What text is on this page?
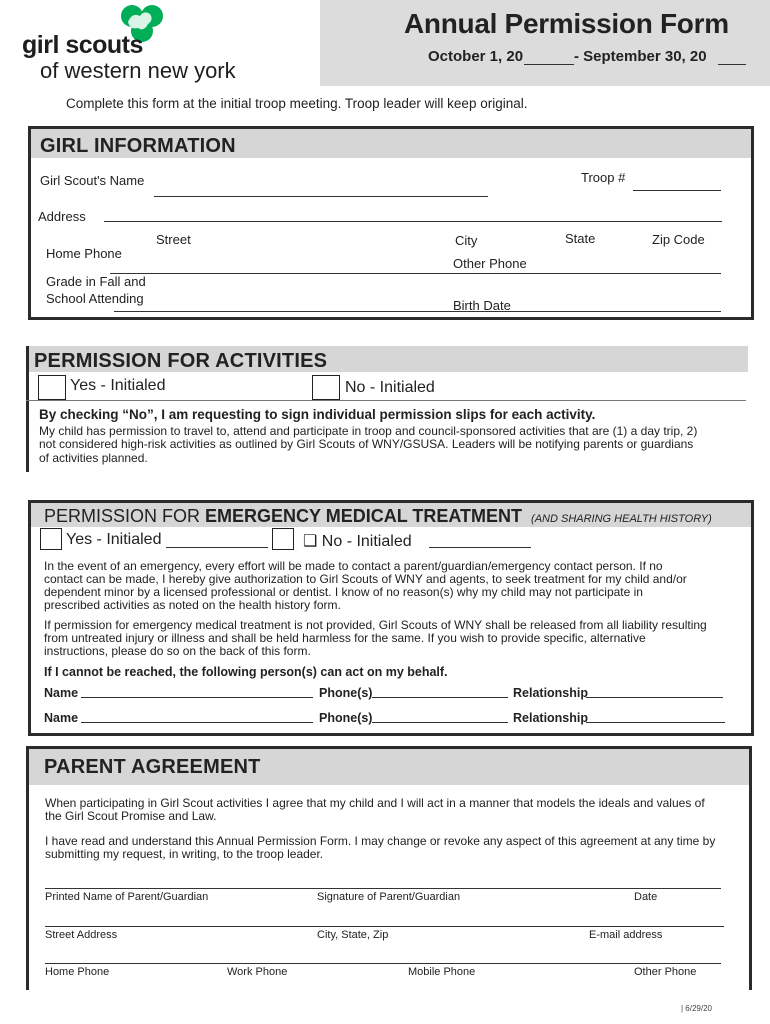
girl scouts
of western new york
Annual Permission Form
October 1, 20	- September 30, 20
Complete this form at the initial troop meeting. Troop leader will keep original.
GIRL INFORMATION
Girl Scout's Name	Troop #
Address
Street	City	State	Zip Code
Home Phone
Other Phone
Grade in Fall and
School Attending	Birth Date
PERMISSION FOR ACTIVITIES
Yes - Initialed	No - Initialed
By checking “No”, I am requesting to sign individual permission slips for each activity.
My child has permission to travel to, attend and participate in troop and council-sponsored activities that are (1) a day trip, 2)
not considered high-risk activities as outlined by Girl Scouts of WNY/GSUSA. Leaders will be notifying parents or guardians
of activities planned.
PERMISSION FOR EMERGENCY MEDICAL TREATMENT (AND SHARING HEALTH HISTORY)
Yes - Initialed	❑ No - Initialed
In the event of an emergency, every effort will be made to contact a parent/guardian/emergency contact person. If no
contact can be made, I hereby give authorization to Girl Scouts of WNY and agents, to seek treatment for my child and/or
dependent minor by a licensed professional or dentist. I know of no reason(s) why my child may not participate in
prescribed activities as noted on the health history form.
If permission for emergency medical treatment is not provided, Girl Scouts of WNY shall be released from all liability resulting
from untreated injury or illness and shall be held harmless for the same. If you wish to provide specific, alternative
instructions, please do so on the back of this form.
If I cannot be reached, the following person(s) can act on my behalf.
Name	Phone(s)	Relationship
Name	Phone(s)	Relationship
PARENT AGREEMENT
When participating in Girl Scout activities I agree that my child and I will act in a manner that models the ideals and values of
the Girl Scout Promise and Law.
I have read and understand this Annual Permission Form. I may change or revoke any aspect of this agreement at any time by
submitting my request, in writing, to the troop leader.
Printed Name of Parent/Guardian	Signature of Parent/Guardian	Date
Street Address	City, State, Zip	E-mail address
Home Phone	Work Phone	Mobile Phone	Other Phone
| 6/29/20
